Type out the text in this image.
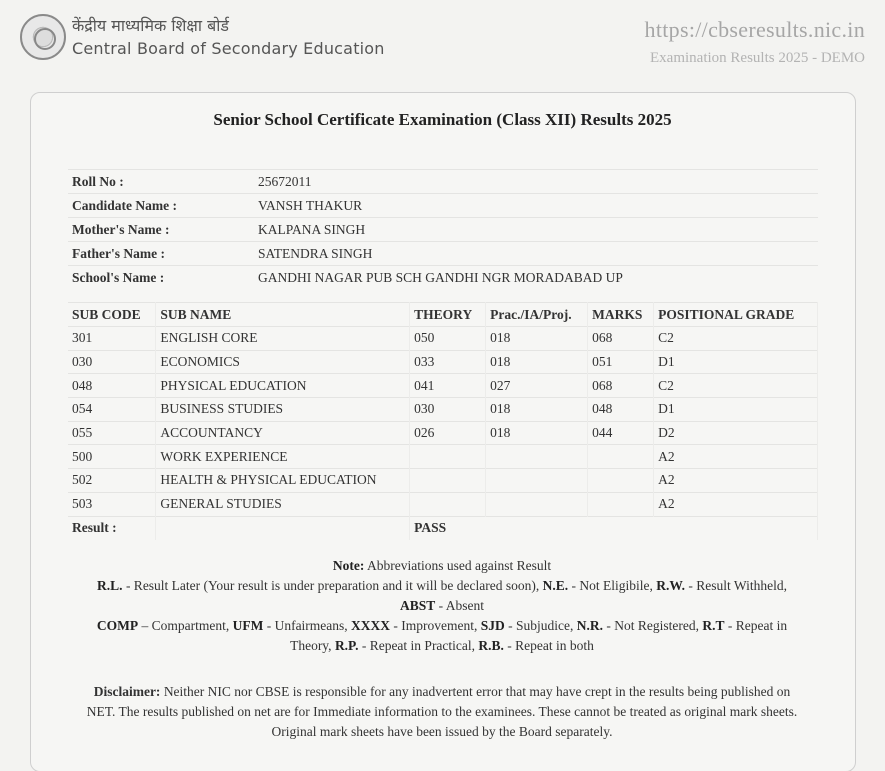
केंद्रीय माध्यमिक शिक्षा बोर्ड
Central Board of Secondary Education
https://cbseresults.nic.in
Examination Results 2025 - DEMO
Senior School Certificate Examination (Class XII) Results 2025
Roll No :	25672011
Candidate Name :	VANSH THAKUR
Mother's Name :	KALPANA SINGH
Father's Name :	SATENDRA SINGH
School's Name :	GANDHI NAGAR PUB SCH GANDHI NGR MORADABAD UP
SUB CODE	SUB NAME	THEORY	Prac./IA/Proj.	MARKS	POSITIONAL GRADE
301	ENGLISH CORE	050	018	068	C2
030	ECONOMICS	033	018	051	D1
048	PHYSICAL EDUCATION	041	027	068	C2
054	BUSINESS STUDIES	030	018	048	D1
055	ACCOUNTANCY	026	018	044	D2
500	WORK EXPERIENCE				A2
502	HEALTH & PHYSICAL EDUCATION				A2
503	GENERAL STUDIES				A2
Result :		PASS			
Note: Abbreviations used against Result
R.L. - Result Later (Your result is under preparation and it will be declared soon), N.E. - Not Eligibile, R.W. - Result Withheld, ABST - Absent
COMP – Compartment, UFM - Unfairmeans, XXXX - Improvement, SJD - Subjudice, N.R. - Not Registered, R.T - Repeat in Theory, R.P. - Repeat in Practical, R.B. - Repeat in both
Disclaimer: Neither NIC nor CBSE is responsible for any inadvertent error that may have crept in the results being published on NET. The results published on net are for Immediate information to the examinees. These cannot be treated as original mark sheets. Original mark sheets have been issued by the Board separately.
